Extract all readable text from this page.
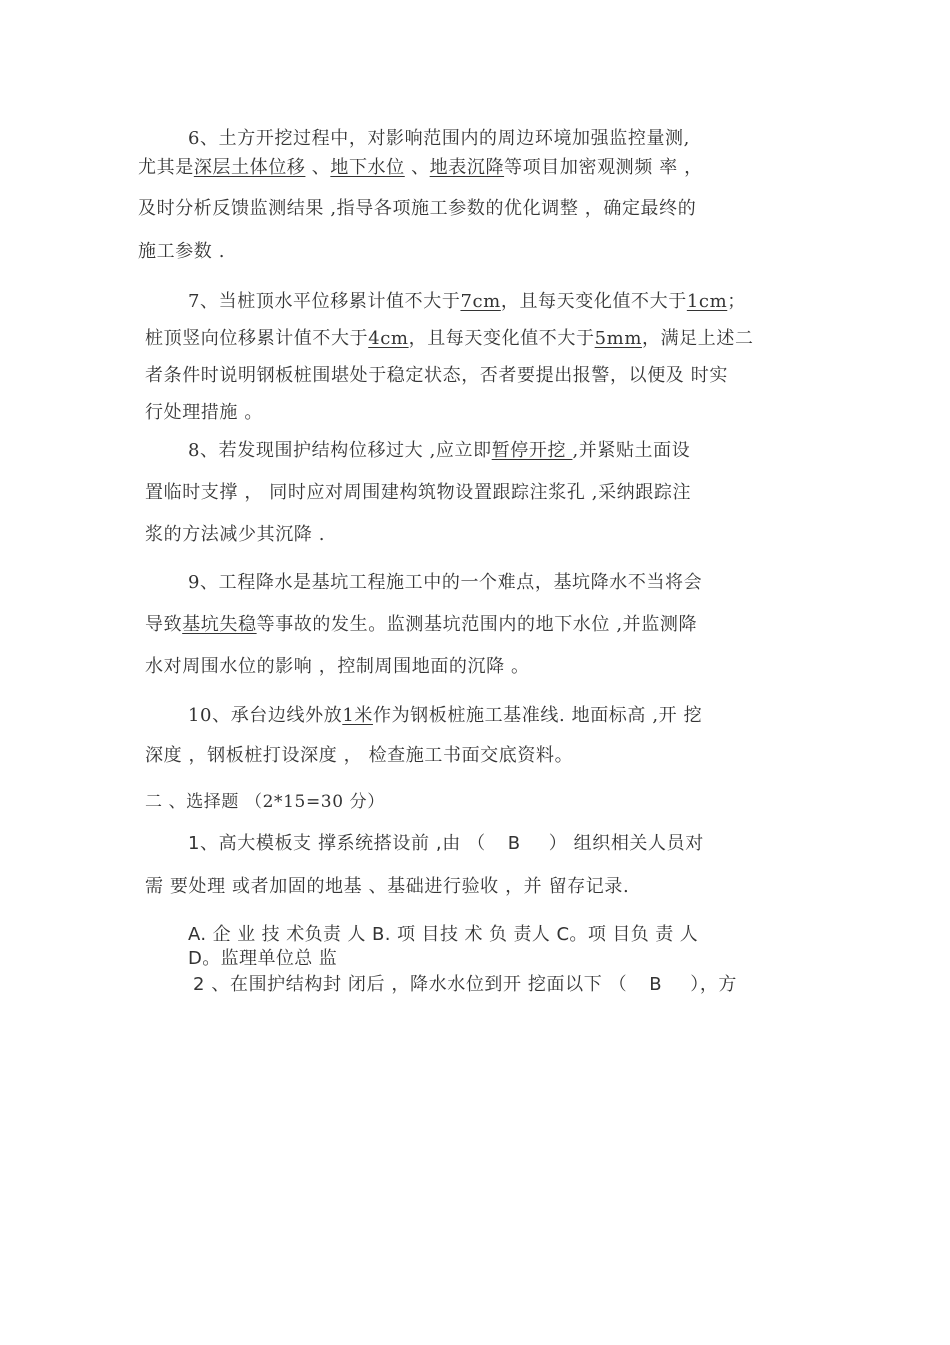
6、土方开挖过程中，对影响范围内的周边环境加强监控量测,
尤其是深层土体位移 、地下水位 、地表沉降等项目加密观测频 率 ，
及时分析反馈监测结果 ,指导各项施工参数的优化调整 ，确定最终的
施工参数 .
7、当桩顶水平位移累计值不大于7cm，且每天变化值不大于1cm；
桩顶竖向位移累计值不大于4cm，且每天变化值不大于5mm，满足上述二
者条件时说明钢板桩围堪处于稳定状态，否者要提出报警，以便及 时实
行处理措施 。
8、若发现围护结构位移过大 ,应立即暂停开挖 ,并紧贴土面设
置临时支撑 ， 同时应对周围建构筑物设置跟踪注浆孔 ,采纳跟踪注
浆的方法减少其沉降 .
9、工程降水是基坑工程施工中的一个难点，基坑降水不当将会
导致基坑失稳等事故的发生。监测基坑范围内的地下水位 ,并监测降
水对周围水位的影响 ，控制周围地面的沉降 。
10、承台边线外放1米作为钢板桩施工基准线. 地面标高 ,开 挖
深度 ，钢板桩打设深度 ， 检查施工书面交底资料。
二 、选择题 （2*15=30 分）
1、高大模板支 撑系统搭设前 ,由 （ B ） 组织相关人员对
需 要处理 或者加固的地基 、基础进行验收 ，并 留存记录.
A. 企 业 技 术负责 人 B. 项 目技 术 负 责人 C。项 目负 责 人
D。监理单位总 监
2 、在围护结构封 闭后 ，降水水位到开 挖面以下 （ B ），方
